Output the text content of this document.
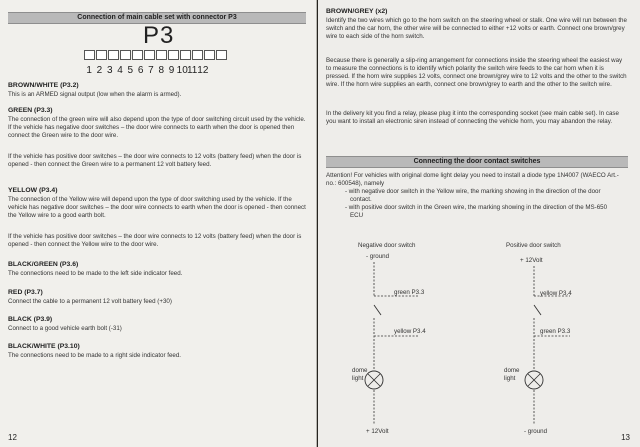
Connection of main cable set with connector P3
P3
1 2 3 4 5 6 7 8 9 10 11 12
BROWN/WHITE (P3.2)
This is an ARMED signal output (low when the alarm is armed).
GREEN (P3.3)
The connection of the green wire will also depend upon the type of door switching circuit used by the vehicle. If the vehicle has negative door switches – the door wire connects to earth when the door is opened then connect the Green wire to the door wire.
If the vehicle has positive door switches – the door wire connects to 12 volts (battery feed) when the door is opened - then connect the Green wire to a permanent 12 volt battery feed.
YELLOW (P3.4)
The connection of the Yellow wire will depend upon the type of door switching used by the vehicle. If the vehicle has negative door switches – the door wire connects to earth when the door is opened - then connect the Yellow wire to a good earth bolt.
If the vehicle has positive door switches – the door wire connects to 12 volts (battery feed) when the door is opened - then connect the Yellow wire to the door wire.
BLACK/GREEN (P3.6)
The connections need to be made to the left side indicator feed.
RED (P3.7)
Connect the cable to a permanent 12 volt battery feed (+30)
BLACK (P3.9)
Connect to a good vehicle earth bolt (-31)
BLACK/WHITE (P3.10)
The connections need to be made to a right side indicator feed.
12
BROWN/GREY (x2)
Identify the two wires which go to the horn switch on the steering wheel or stalk. One wire will run between the switch and the car horn, the other wire will be connected to either +12 volts or earth. Connect one brown/grey wire to each side of the horn switch.
Because there is generally a slip-ring arrangement for connections inside the steering wheel the easiest way to measure the connections is to identify which polarity the switch wire feeds to the car horn when it is pressed. If the horn wire supplies 12 volts, connect one brown/grey wire to 12 volts and the other to the switch wire. If the horn wire supplies an earth, connect one brown/grey to earth and the other to the switch wire.
In the delivery kit you find a relay, please plug it into the corresponding socket (see main cable set). In case you want to install an electronic siren instead of connecting the vehicle horn, you may abandon the relay.
Connecting the door contact switches
Attention! For vehicles with original dome light delay you need to install a diode type 1N4007 (WAECO Art.-no.: 600548), namely
- with negative door switch in the Yellow wire, the marking showing in the direction of the door contact.
- with positive door switch in the Green wire, the marking showing in the direction of the MS-650 ECU
Negative door switch
- ground
green P3.3
yellow P3.4
dome light
+ 12Volt
Positive door switch
+ 12Volt
yellow P3.4
green P3.3
dome light
- ground
13
